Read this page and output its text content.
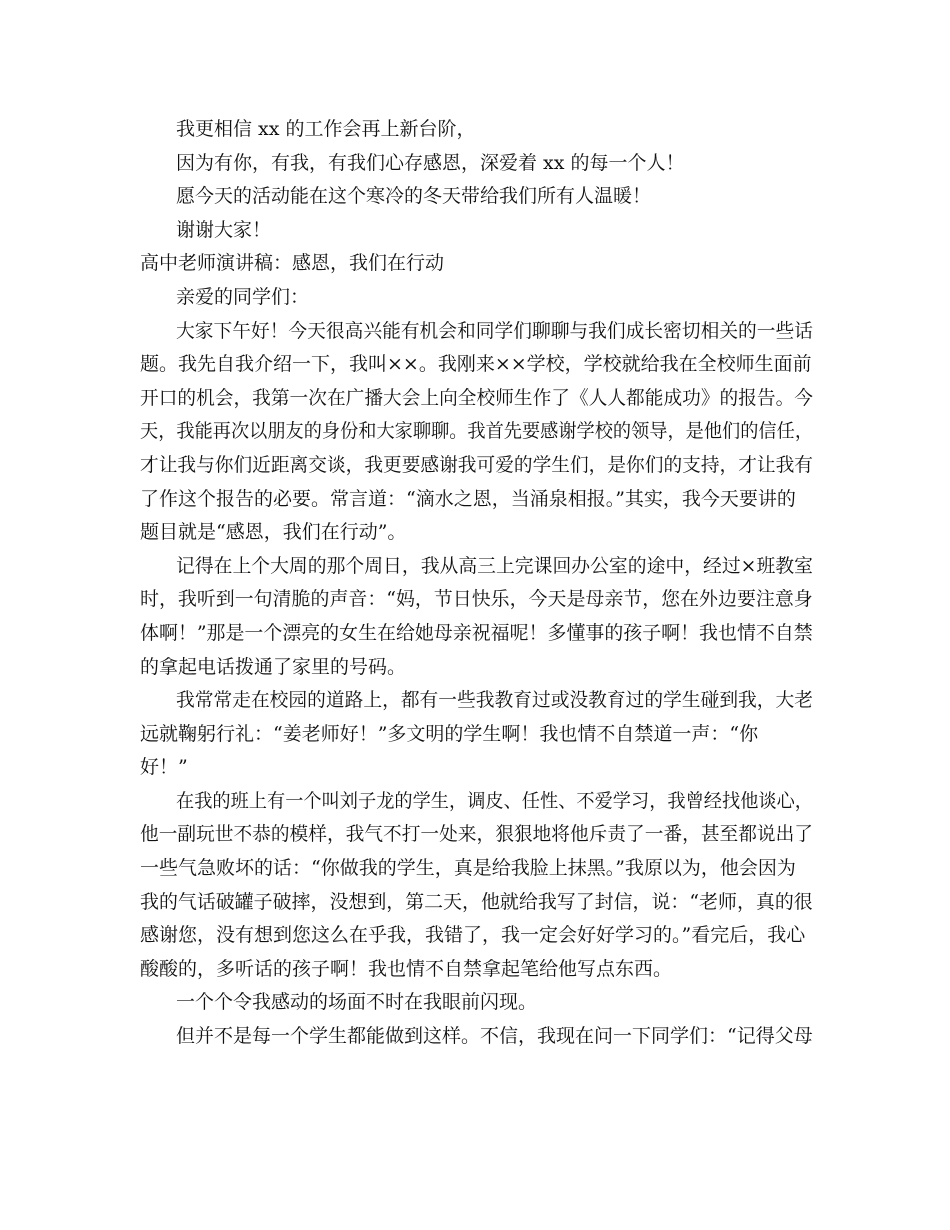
我更相信 xx 的工作会再上新台阶，
因为有你，有我，有我们心存感恩，深爱着 xx 的每一个人！
愿今天的活动能在这个寒冷的冬天带给我们所有人温暖！
谢谢大家！
高中老师演讲稿：感恩，我们在行动
亲爱的同学们：
大家下午好！今天很高兴能有机会和同学们聊聊与我们成长密切相关的一些话
题。我先自我介绍一下，我叫××。我刚来××学校，学校就给我在全校师生面前
开口的机会，我第一次在广播大会上向全校师生作了《人人都能成功》的报告。今
天，我能再次以朋友的身份和大家聊聊。我首先要感谢学校的领导，是他们的信任，
才让我与你们近距离交谈，我更要感谢我可爱的学生们，是你们的支持，才让我有
了作这个报告的必要。常言道：“滴水之恩，当涌泉相报。”其实，我今天要讲的
题目就是“感恩，我们在行动”。
记得在上个大周的那个周日，我从高三上完课回办公室的途中，经过×班教室
时，我听到一句清脆的声音：“妈，节日快乐，今天是母亲节，您在外边要注意身
体啊！”那是一个漂亮的女生在给她母亲祝福呢！多懂事的孩子啊！我也情不自禁
的拿起电话拨通了家里的号码。
我常常走在校园的道路上，都有一些我教育过或没教育过的学生碰到我，大老
远就鞠躬行礼：“姜老师好！”多文明的学生啊！我也情不自禁道一声：“你
好！”
在我的班上有一个叫刘子龙的学生，调皮、任性、不爱学习，我曾经找他谈心，
他一副玩世不恭的模样，我气不打一处来，狠狠地将他斥责了一番，甚至都说出了
一些气急败坏的话：“你做我的学生，真是给我脸上抹黑。”我原以为，他会因为
我的气话破罐子破摔，没想到，第二天，他就给我写了封信，说：“老师，真的很
感谢您，没有想到您这么在乎我，我错了，我一定会好好学习的。”看完后，我心
酸酸的，多听话的孩子啊！我也情不自禁拿起笔给他写点东西。
一个个令我感动的场面不时在我眼前闪现。
但并不是每一个学生都能做到这样。不信，我现在问一下同学们：“记得父母
